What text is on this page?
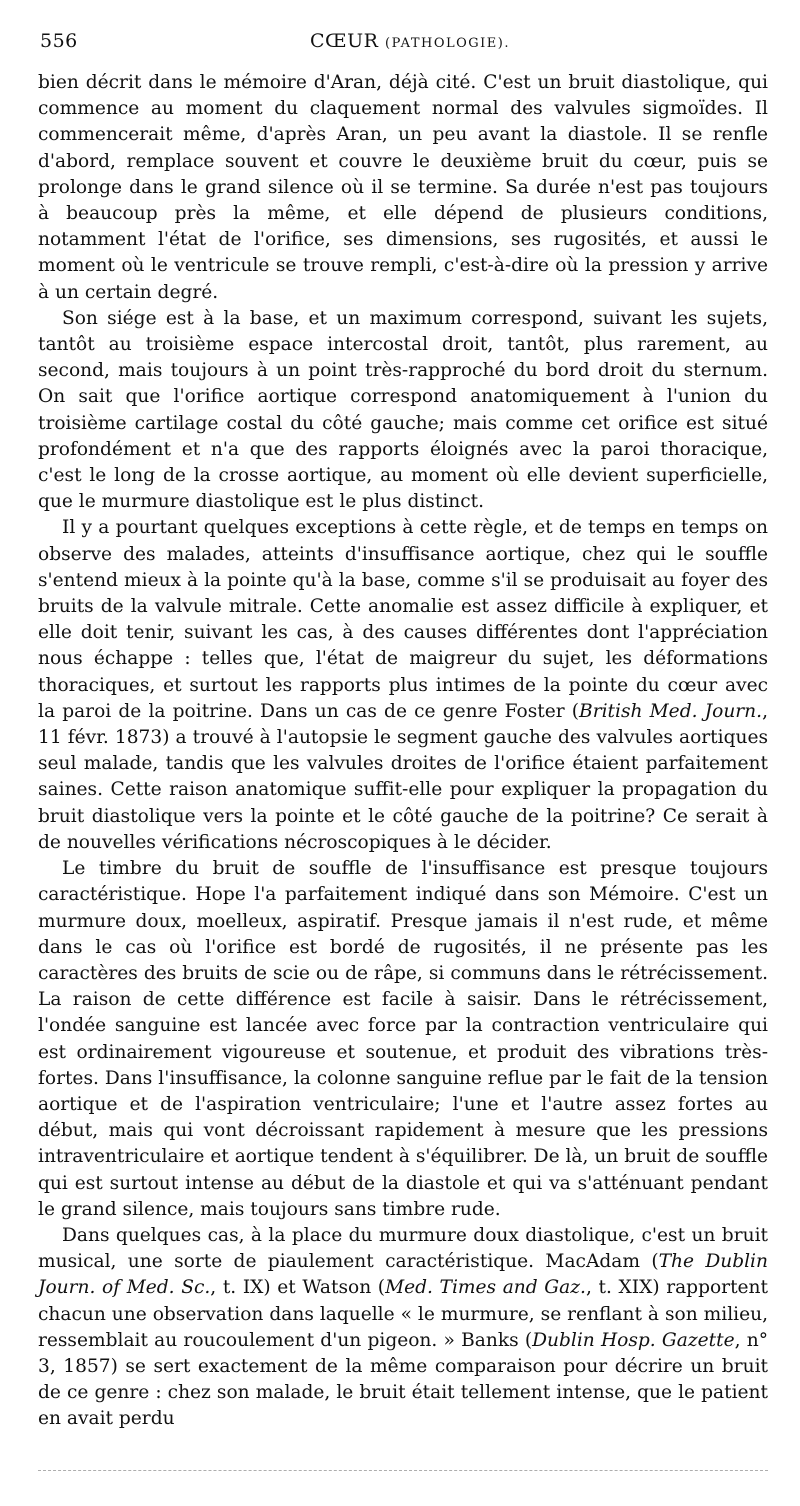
556	CŒUR (PATHOLOGIE).

bien décrit dans le mémoire d'Aran, déjà cité. C'est un bruit diastolique, qui commence au moment du claquement normal des valvules sigmoïdes. Il commencerait même, d'après Aran, un peu avant la diastole. Il se renfle d'abord, remplace souvent et couvre le deuxième bruit du cœur, puis se prolonge dans le grand silence où il se termine. Sa durée n'est pas toujours à beaucoup près la même, et elle dépend de plusieurs conditions, notamment l'état de l'orifice, ses dimensions, ses rugosités, et aussi le moment où le ventricule se trouve rempli, c'est-à-dire où la pression y arrive à un certain degré.

Son siége est à la base, et un maximum correspond, suivant les sujets, tantôt au troisième espace intercostal droit, tantôt, plus rarement, au second, mais toujours à un point très-rapproché du bord droit du sternum. On sait que l'orifice aortique correspond anatomiquement à l'union du troisième cartilage costal du côté gauche; mais comme cet orifice est situé profondément et n'a que des rapports éloignés avec la paroi thoracique, c'est le long de la crosse aortique, au moment où elle devient superficielle, que le murmure diastolique est le plus distinct.

Il y a pourtant quelques exceptions à cette règle, et de temps en temps on observe des malades, atteints d'insuffisance aortique, chez qui le souffle s'entend mieux à la pointe qu'à la base, comme s'il se produisait au foyer des bruits de la valvule mitrale. Cette anomalie est assez difficile à expliquer, et elle doit tenir, suivant les cas, à des causes différentes dont l'appréciation nous échappe : telles que, l'état de maigreur du sujet, les déformations thoraciques, et surtout les rapports plus intimes de la pointe du cœur avec la paroi de la poitrine. Dans un cas de ce genre Foster (British Med. Journ., 11 févr. 1873) a trouvé à l'autopsie le segment gauche des valvules aortiques seul malade, tandis que les valvules droites de l'orifice étaient parfaitement saines. Cette raison anatomique suffit-elle pour expliquer la propagation du bruit diastolique vers la pointe et le côté gauche de la poitrine? Ce serait à de nouvelles vérifications nécroscopiques à le décider.

Le timbre du bruit de souffle de l'insuffisance est presque toujours caractéristique. Hope l'a parfaitement indiqué dans son Mémoire. C'est un murmure doux, moelleux, aspiratif. Presque jamais il n'est rude, et même dans le cas où l'orifice est bordé de rugosités, il ne présente pas les caractères des bruits de scie ou de râpe, si communs dans le rétrécissement. La raison de cette différence est facile à saisir. Dans le rétrécissement, l'ondée sanguine est lancée avec force par la contraction ventriculaire qui est ordinairement vigoureuse et soutenue, et produit des vibrations très-fortes. Dans l'insuffisance, la colonne sanguine reflue par le fait de la tension aortique et de l'aspiration ventriculaire; l'une et l'autre assez fortes au début, mais qui vont décroissant rapidement à mesure que les pressions intraventriculaire et aortique tendent à s'équilibrer. De là, un bruit de souffle qui est surtout intense au début de la diastole et qui va s'atténuant pendant le grand silence, mais toujours sans timbre rude.

Dans quelques cas, à la place du murmure doux diastolique, c'est un bruit musical, une sorte de piaulement caractéristique. MacAdam (The Dublin Journ. of Med. Sc., t. IX) et Watson (Med. Times and Gaz., t. XIX) rapportent chacun une observation dans laquelle « le murmure, se renflant à son milieu, ressemblait au roucoulement d'un pigeon. » Banks (Dublin Hosp. Gazette, n° 3, 1857) se sert exactement de la même comparaison pour décrire un bruit de ce genre : chez son malade, le bruit était tellement intense, que le patient en avait perdu
